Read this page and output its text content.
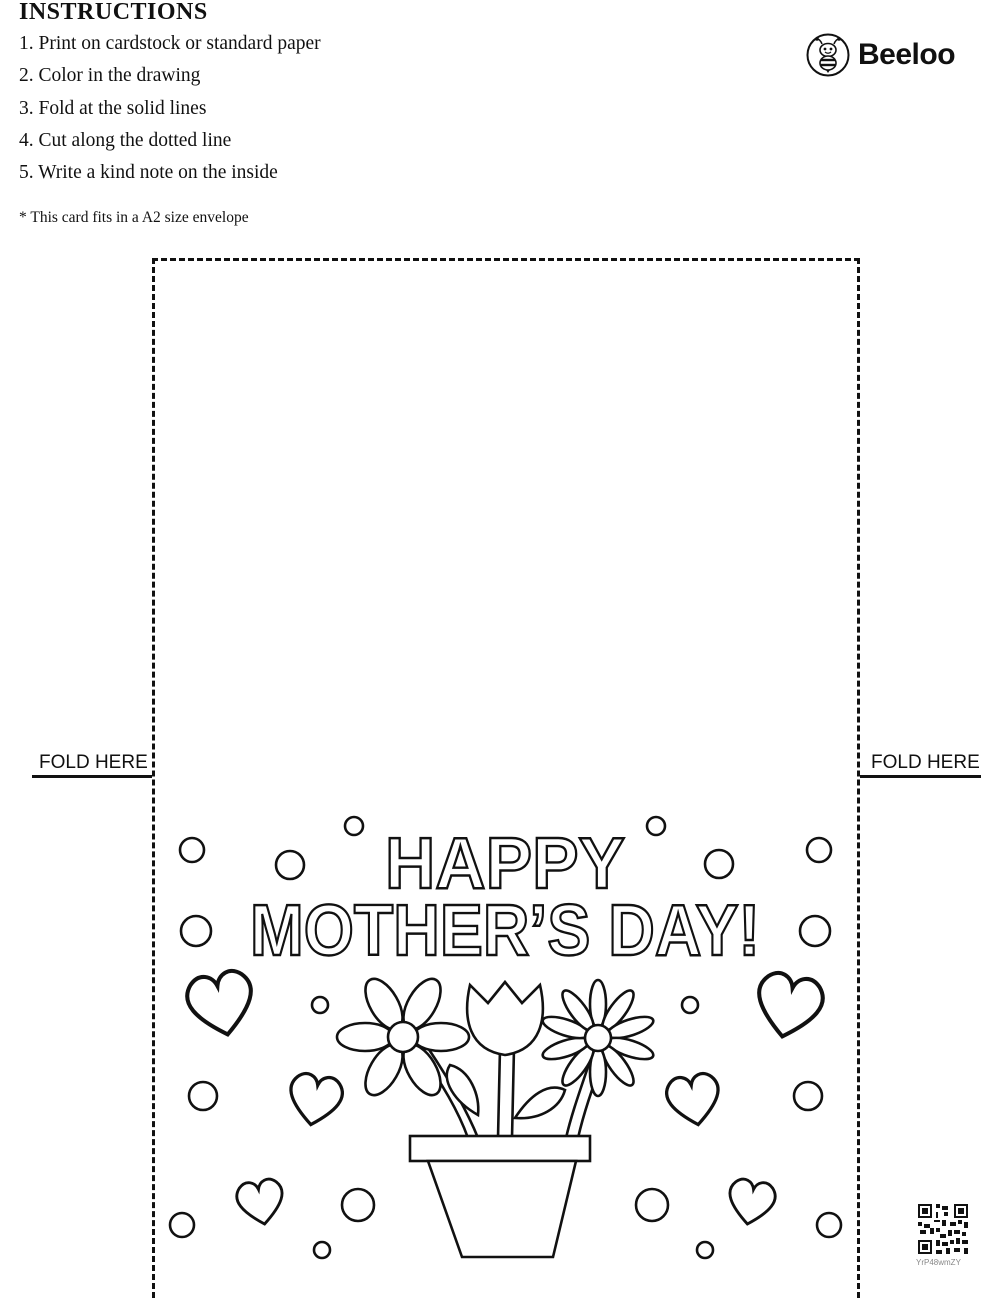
INSTRUCTIONS
1. Print on cardstock or standard paper
2. Color in the drawing
3. Fold at the solid lines
4. Cut along the dotted line
5. Write a kind note on the inside
* This card fits in a A2 size envelope
Beeloo
FOLD HERE	FOLD HERE
HAPPY
MOTHER’S DAY!
YrP48wmZY
